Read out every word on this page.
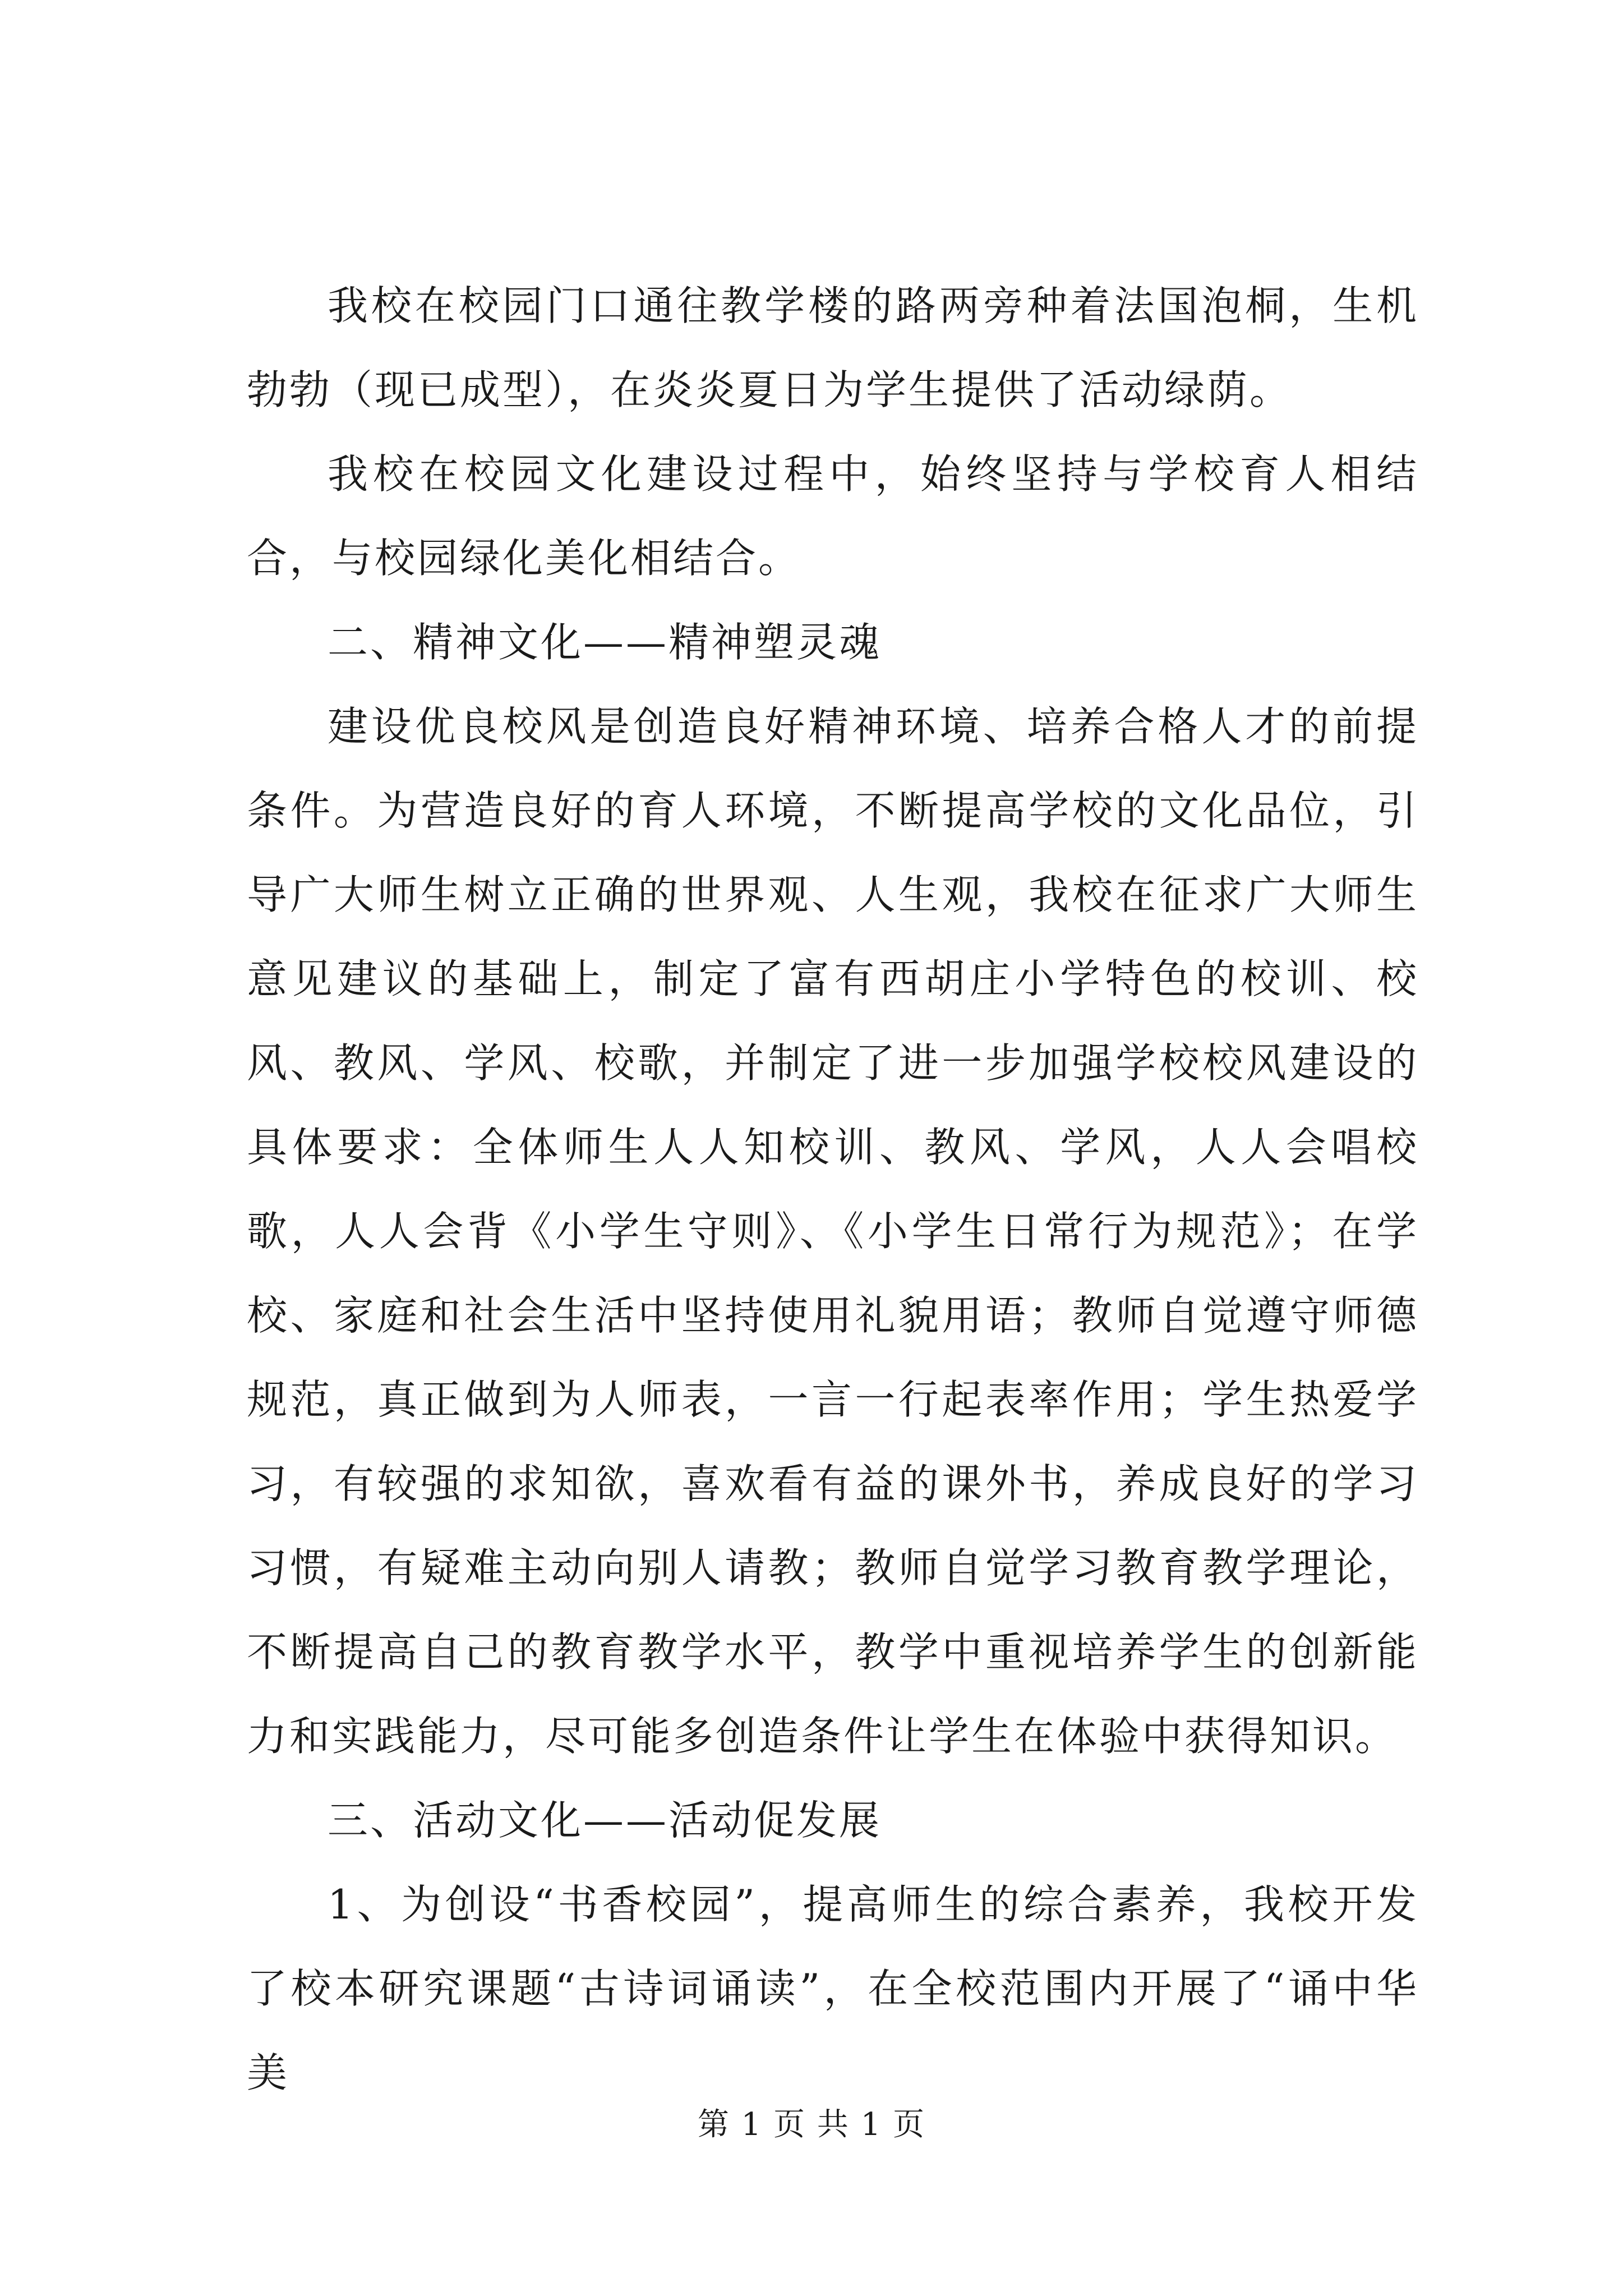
我校在校园门口通往教学楼的路两旁种着法国泡桐，生机勃勃（现已成型），在炎炎夏日为学生提供了活动绿荫。

我校在校园文化建设过程中，始终坚持与学校育人相结合，与校园绿化美化相结合。

二、精神文化——精神塑灵魂

建设优良校风是创造良好精神环境、培养合格人才的前提条件。为营造良好的育人环境，不断提高学校的文化品位，引导广大师生树立正确的世界观、人生观，我校在征求广大师生意见建议的基础上，制定了富有西胡庄小学特色的校训、校风、教风、学风、校歌，并制定了进一步加强学校校风建设的具体要求：全体师生人人知校训、教风、学风，人人会唱校歌，人人会背《小学生守则》、《小学生日常行为规范》；在学校、家庭和社会生活中坚持使用礼貌用语；教师自觉遵守师德规范，真正做到为人师表，一言一行起表率作用；学生热爱学习，有较强的求知欲，喜欢看有益的课外书，养成良好的学习习惯，有疑难主动向别人请教；教师自觉学习教育教学理论，不断提高自己的教育教学水平，教学中重视培养学生的创新能力和实践能力，尽可能多创造条件让学生在体验中获得知识。

三、活动文化——活动促发展

1、为创设“书香校园”，提高师生的综合素养，我校开发了校本研究课题“古诗词诵读”，在全校范围内开展了“诵中华美

第 1 页 共 1 页
